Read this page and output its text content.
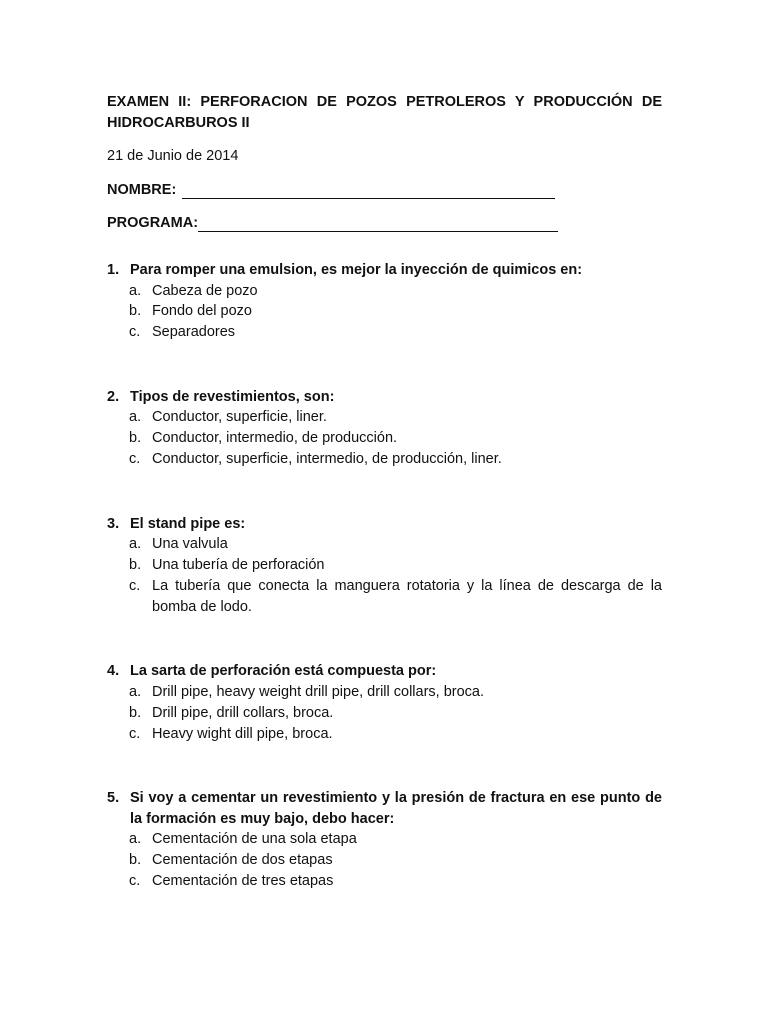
EXAMEN II: PERFORACION DE POZOS PETROLEROS Y PRODUCCIÓN DE HIDROCARBUROS II

21 de Junio de 2014
NOMBRE:
PROGRAMA:
1. Para romper una emulsion, es mejor la inyección de quimicos en:
a. Cabeza de pozo
b. Fondo del pozo
c. Separadores
2. Tipos de revestimientos, son:
a. Conductor, superficie, liner.
b. Conductor, intermedio, de producción.
c. Conductor, superficie, intermedio, de producción, liner.
3. El stand pipe es:
a. Una valvula
b. Una tubería de perforación
c. La tubería que conecta la manguera rotatoria y la línea de descarga de la bomba de lodo.
4. La sarta de perforación está compuesta por:
a. Drill pipe, heavy weight drill pipe, drill collars, broca.
b. Drill pipe, drill collars, broca.
c. Heavy wight dill pipe, broca.
5. Si voy a cementar un revestimiento y la presión de fractura en ese punto de la formación es muy bajo, debo hacer:
a. Cementación de una sola etapa
b. Cementación de dos etapas
c. Cementación de tres etapas
